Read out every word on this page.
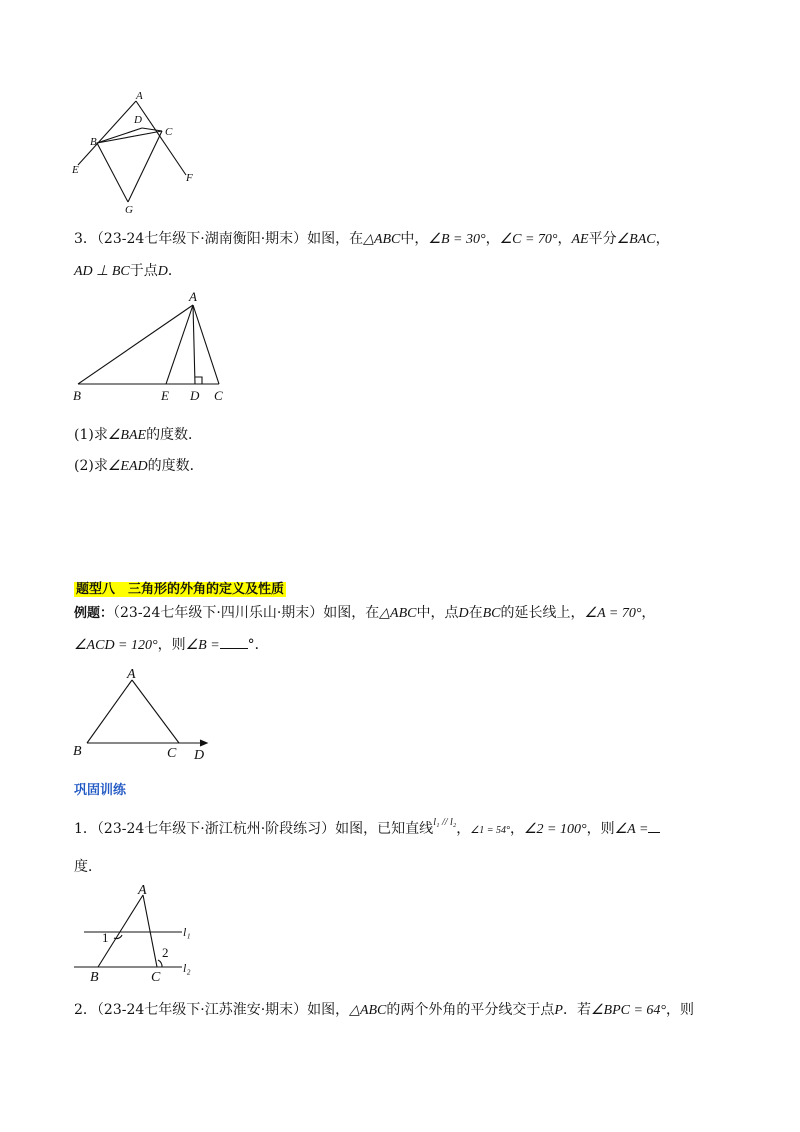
A
D
C
B
E
F
G
3．（23-24七年级下·湖南衡阳·期末）如图，在△ABC中，∠B = 30°，∠C = 70°，AE平分∠BAC，
AD ⊥ BC于点D．
A
B	E D C
(1)求∠BAE的度数．
(2)求∠EAD的度数．
题型八　三角形的外角的定义及性质
例题：（23-24七年级下·四川乐山·期末）如图，在△ABC中，点D在BC的延长线上，∠A = 70°，
∠ACD = 120°，则∠B = °．
A
B	C D
巩固训练
1．（23-24七年级下·浙江杭州·阶段练习）如图，已知直线$^{l_1 // l_2}$，∠1 = 54°，∠2 = 100°，则∠A =
度．
A
l₁
l₂
1
2
B	C
2．（23-24七年级下·江苏淮安·期末）如图，△ABC的两个外角的平分线交于点P．若∠BPC = 64°，则
